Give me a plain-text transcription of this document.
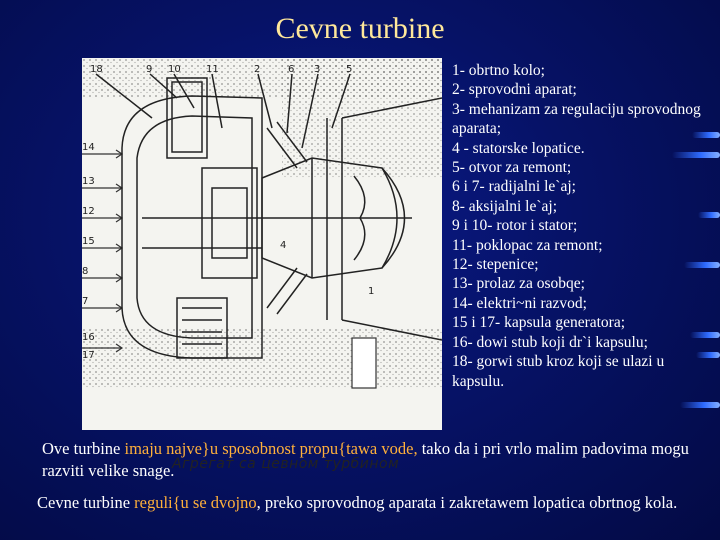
Cevne turbine
18	9 10	11	2	6 3	5
14
13
12
15
8
7
16
17
4
1
Агрегат са цевном турбином
1- obrtno kolo;
2- sprovodni aparat;
3- mehanizam za regulaciju sprovodnog aparata;
4 - statorske lopatice.
5- otvor za remont;
6 i 7- radijalni le`aj;
8- aksijalni le`aj;
9 i 10- rotor i stator;
11- poklopac za remont;
12- stepenice;
13- prolaz za osobqe;
14- elektri~ni razvod;
15 i 17- kapsula generatora;
16- dowi stub koji dr`i kapsulu;
18- gorwi stub kroz koji se ulazi u kapsulu.
Ove turbine imaju najve}u sposobnost propu{tawa vode, tako da i pri vrlo malim padovima mogu razviti velike snage.
Cevne turbine reguli{u se dvojno, preko sprovodnog aparata i zakretawem lopatica obrtnog kola.
